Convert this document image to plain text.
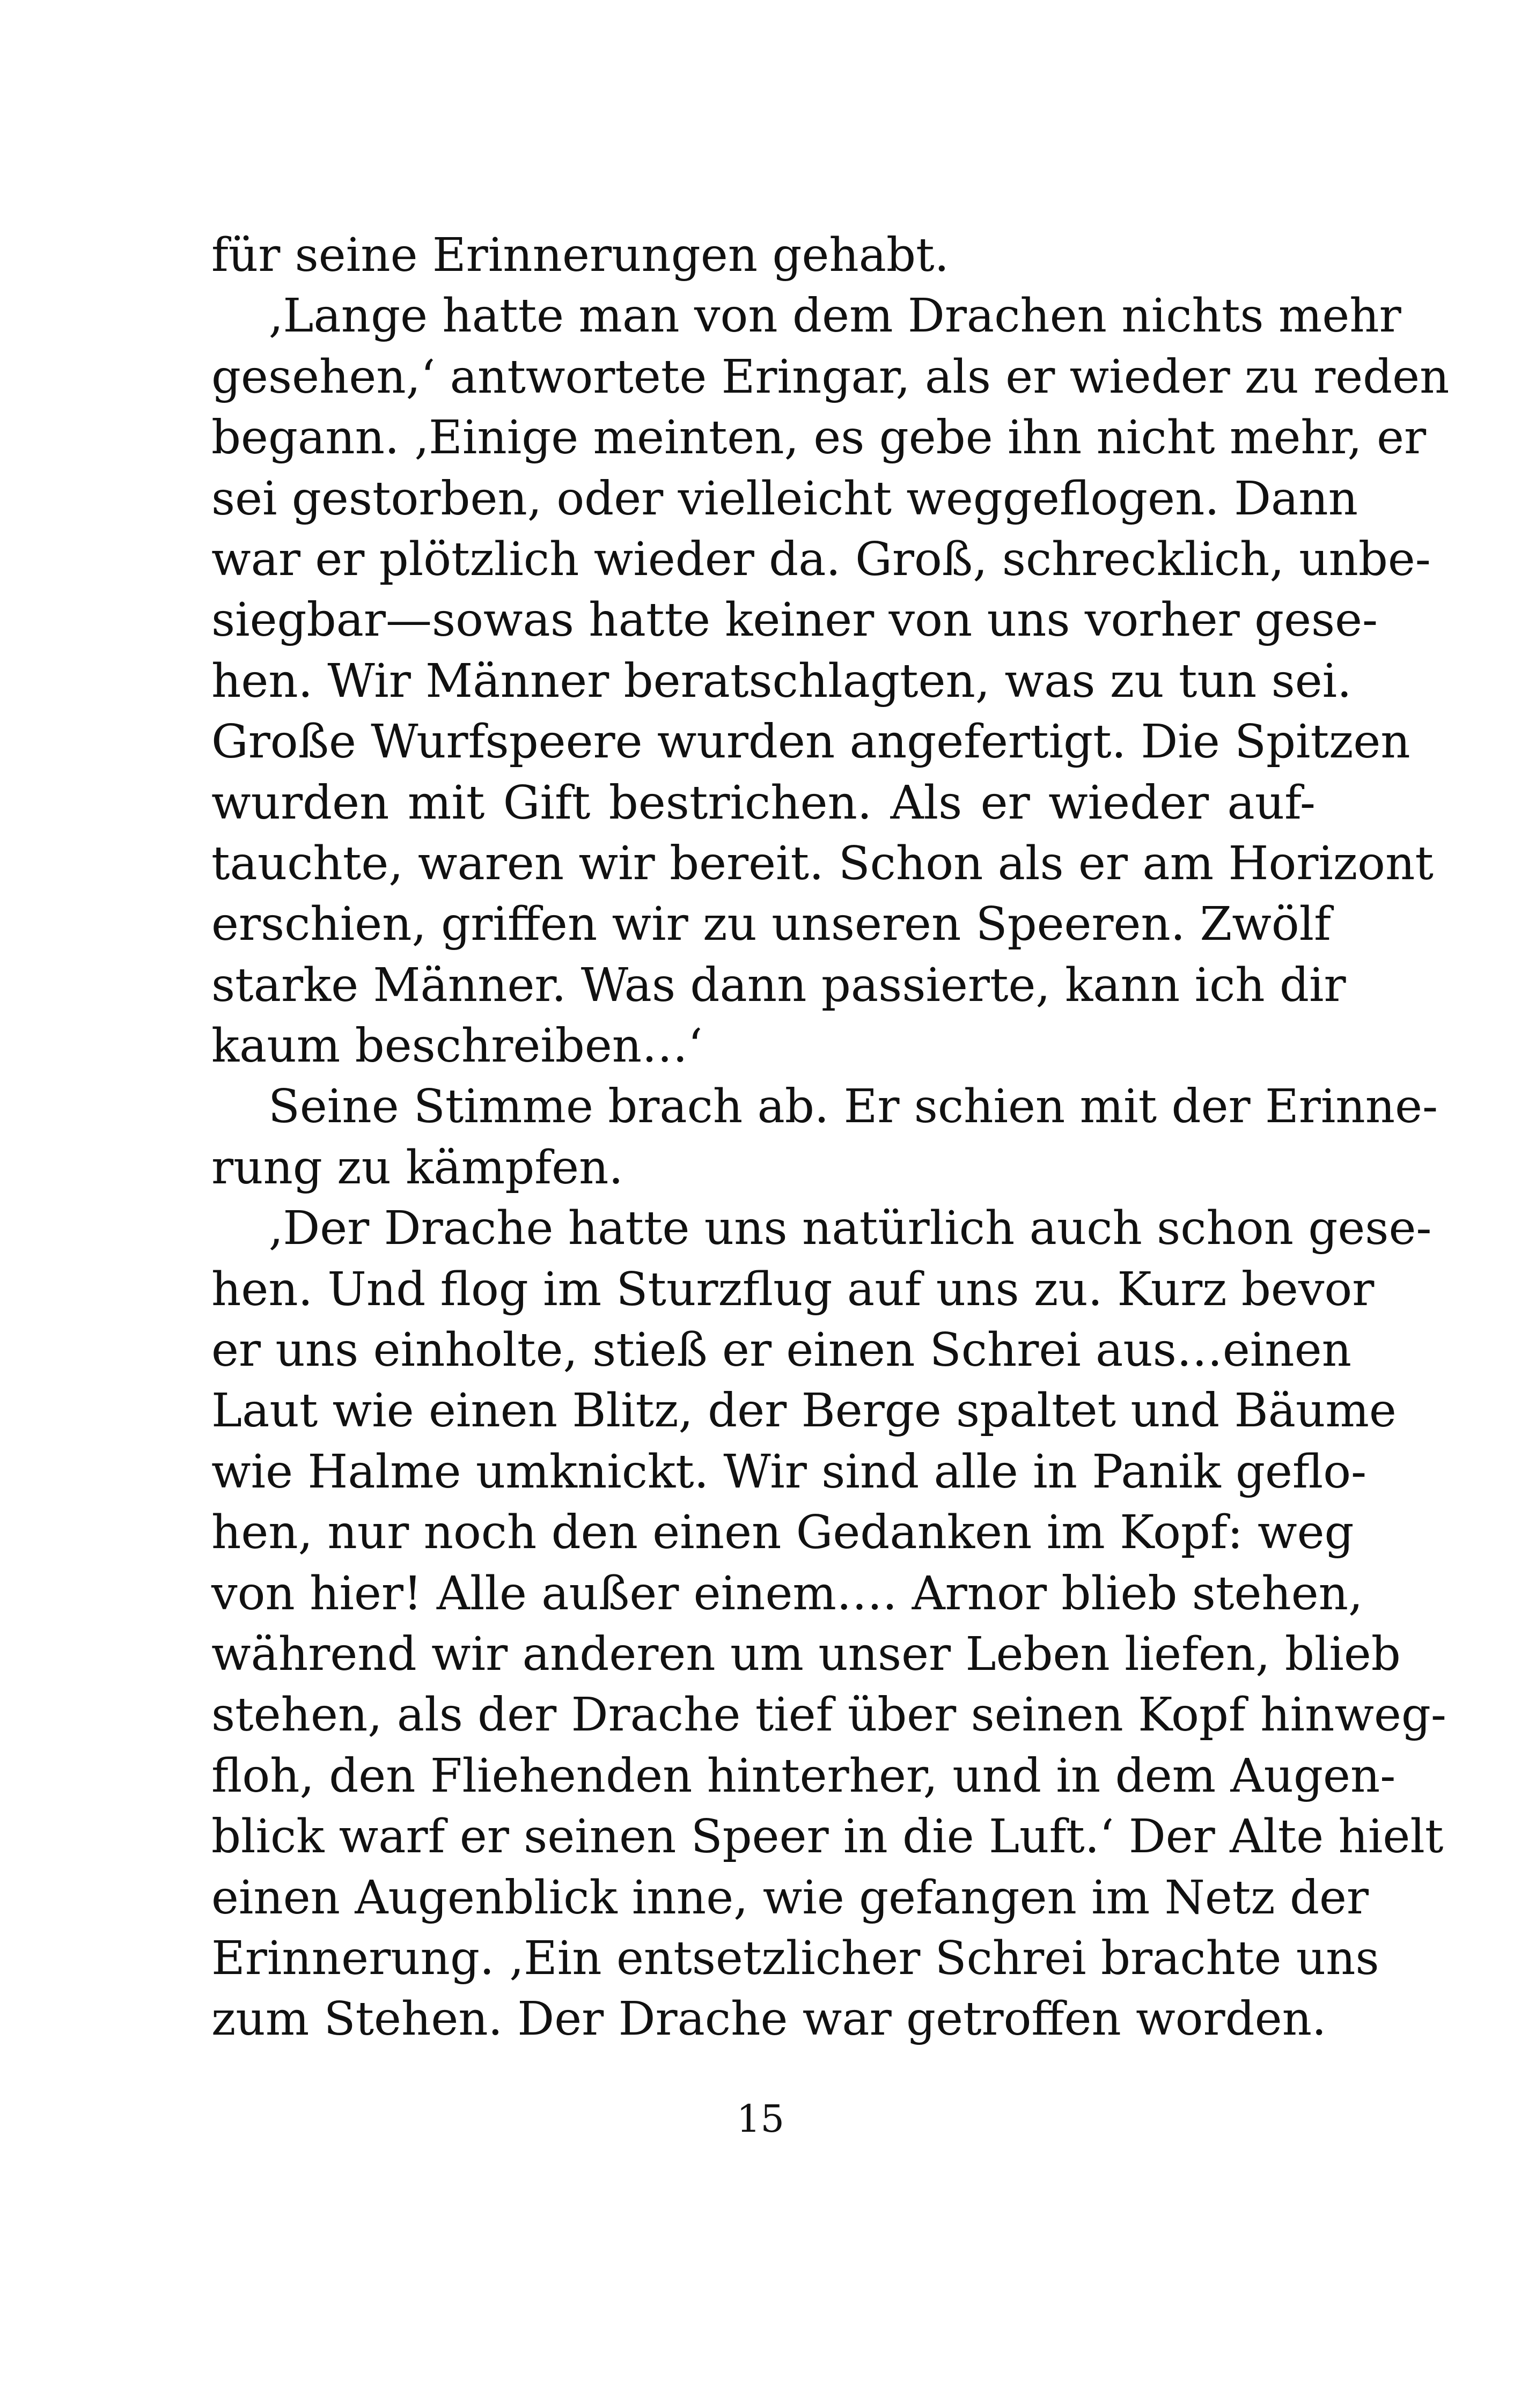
für seine Erinnerungen gehabt.
‚Lange hatte man von dem Drachen nichts mehr
gesehen,‘ antwortete Eringar, als er wieder zu reden
begann. ‚Einige meinten, es gebe ihn nicht mehr, er
sei gestorben, oder vielleicht weggeflogen. Dann
war er plötzlich wieder da. Groß, schrecklich, unbe-
siegbar—sowas hatte keiner von uns vorher gese-
hen. Wir Männer beratschlagten, was zu tun sei.
Große Wurfspeere wurden angefertigt. Die Spitzen
wurden mit Gift bestrichen. Als er wieder auf-
tauchte, waren wir bereit. Schon als er am Horizont
erschien, griffen wir zu unseren Speeren. Zwölf
starke Männer. Was dann passierte, kann ich dir
kaum beschreiben…‘
Seine Stimme brach ab. Er schien mit der Erinne-
rung zu kämpfen.
‚Der Drache hatte uns natürlich auch schon gese-
hen. Und flog im Sturzflug auf uns zu. Kurz bevor
er uns einholte, stieß er einen Schrei aus…einen
Laut wie einen Blitz, der Berge spaltet und Bäume
wie Halme umknickt. Wir sind alle in Panik geflo-
hen, nur noch den einen Gedanken im Kopf: weg
von hier! Alle außer einem…. Arnor blieb stehen,
während wir anderen um unser Leben liefen, blieb
stehen, als der Drache tief über seinen Kopf hinweg-
floh, den Fliehenden hinterher, und in dem Augen-
blick warf er seinen Speer in die Luft.‘ Der Alte hielt
einen Augenblick inne, wie gefangen im Netz der
Erinnerung. ‚Ein entsetzlicher Schrei brachte uns
zum Stehen. Der Drache war getroffen worden.
15
